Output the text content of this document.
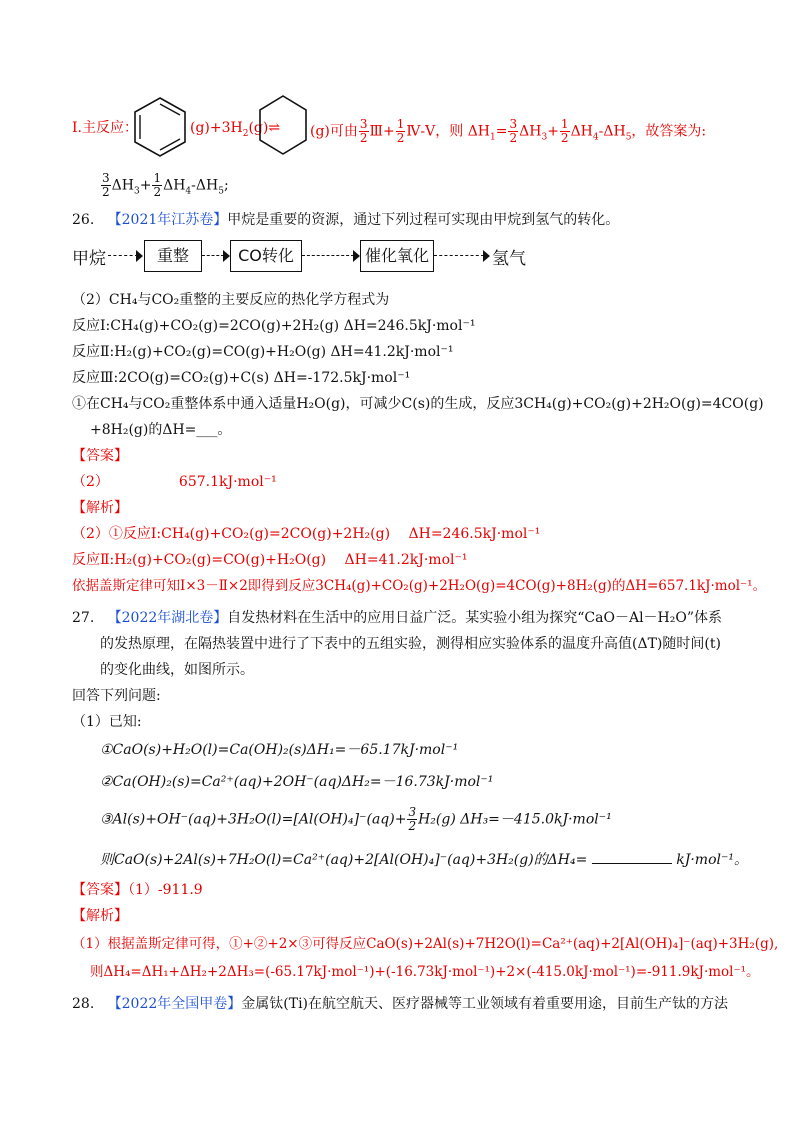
Ⅰ.主反应：	$(g)+3H_2(g)\rightleftharpoons$ (g)可由 $\frac{3}{2}$ Ⅲ+ $\frac{1}{2}$ Ⅳ-Ⅴ，则 $\Delta H_1= \frac{3}{2} \Delta H_3+ \frac{1}{2} \Delta H_4-\Delta H_5$，故答案为:
$\frac{3}{2} \Delta H_3+ \frac{1}{2} \Delta H_4-\Delta H_5$;
26. 【2021年江苏卷】甲烷是重要的资源，通过下列过程可实现由甲烷到氢气的转化。
甲烷	重整	CO转化	催化氧化	氢气
（2）CH₄与CO₂重整的主要反应的热化学方程式为
反应Ⅰ:CH₄(g)+CO₂(g)=2CO(g)+2H₂(g) ΔH=246.5kJ·mol⁻¹
反应Ⅱ:H₂(g)+CO₂(g)=CO(g)+H₂O(g) ΔH=41.2kJ·mol⁻¹
反应Ⅲ:2CO(g)=CO₂(g)+C(s) ΔH=-172.5kJ·mol⁻¹
①在CH₄与CO₂重整体系中通入适量H₂O(g)，可减少C(s)的生成，反应3CH₄(g)+CO₂(g)+2H₂O(g)=4CO(g)
+8H₂(g)的ΔH=___。
【答案】
（2）	657.1kJ·mol⁻¹
【解析】
（2）①反应Ⅰ:CH₄(g)+CO₂(g)=2CO(g)+2H₂(g)　 ΔH=246.5kJ·mol⁻¹
反应Ⅱ:H₂(g)+CO₂(g)=CO(g)+H₂O(g)　 ΔH=41.2kJ·mol⁻¹
依据盖斯定律可知Ⅰ×3－Ⅱ×2即得到反应3CH₄(g)+CO₂(g)+2H₂O(g)=4CO(g)+8H₂(g)的ΔH=657.1kJ·mol⁻¹。
27. 【2022年湖北卷】自发热材料在生活中的应用日益广泛。某实验小组为探究“CaO－Al－H₂O”体系
的发热原理，在隔热装置中进行了下表中的五组实验，测得相应实验体系的温度升高值(ΔT)随时间(t)
的变化曲线，如图所示。
回答下列问题:
（1）已知:
①CaO(s)+H₂O(l)=Ca(OH)₂(s)ΔH₁=－65.17kJ·mol⁻¹
②Ca(OH)₂(s)=Ca²⁺(aq)+2OH⁻(aq)ΔH₂=－16.73kJ·mol⁻¹
③Al(s)+OH⁻(aq)+3H₂O(l)=[Al(OH)₄]⁻(aq)+ $\frac{3}{2} H_2(g)$ ΔH₃=－415.0kJ·mol⁻¹
则CaO(s)+2Al(s)+7H₂O(l)=Ca²⁺(aq)+2[Al(OH)₄]⁻(aq)+3H₂(g)的ΔH₄=	kJ·mol⁻¹。
【答案】（1）-911.9
【解析】
（1）根据盖斯定律可得，①+②+2×③可得反应CaO(s)+2Al(s)+7H2O(l)=Ca²⁺(aq)+2[Al(OH)₄]⁻(aq)+3H₂(g),
则ΔH₄=ΔH₁+ΔH₂+2ΔH₃=(-65.17kJ·mol⁻¹)+(-16.73kJ·mol⁻¹)+2×(-415.0kJ·mol⁻¹)=-911.9kJ·mol⁻¹。
28. 【2022年全国甲卷】金属钛(Ti)在航空航天、医疗器械等工业领域有着重要用途，目前生产钛的方法
